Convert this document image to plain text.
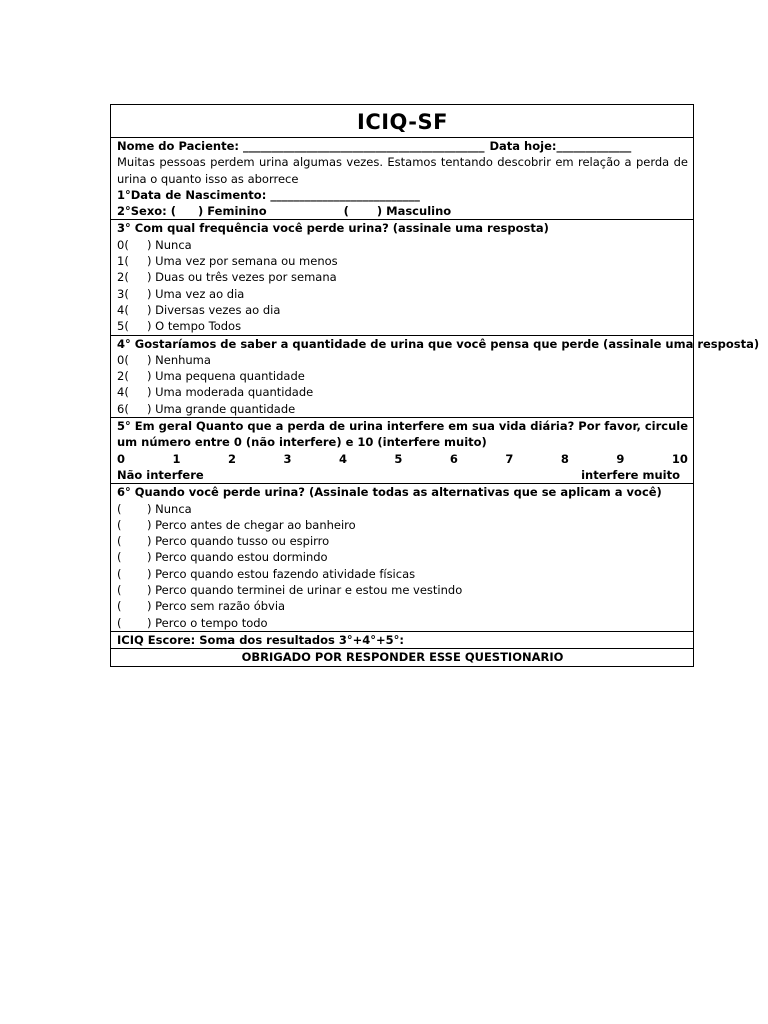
ICIQ-SF
Nome do Paciente: __________________________________________ Data hoje:_____________
Muitas pessoas perdem urina algumas vezes. Estamos tentando descobrir em relação a perda de urina o quanto isso as aborrece
1°Data de Nascimento: __________________________
2°Sexo: ( ) Feminino	( ) Masculino
3° Com qual frequência você perde urina? (assinale uma resposta)
0( ) Nunca
1( ) Uma vez por semana ou menos
2( ) Duas ou três vezes por semana
3( ) Uma vez ao dia
4( ) Diversas vezes ao dia
5( ) O tempo Todos
4° Gostaríamos de saber a quantidade de urina que você pensa que perde (assinale uma resposta)
0( ) Nenhuma
2( ) Uma pequena quantidade
4( ) Uma moderada quantidade
6( ) Uma grande quantidade
5° Em geral Quanto que a perda de urina interfere em sua vida diária? Por favor, circule um número entre 0 (não interfere) e 10 (interfere muito)
0	1	2	3	4	5	6	7	8	9	10
Não interfere	interfere muito
6° Quando você perde urina? (Assinale todas as alternativas que se aplicam a você)
( ) Nunca
( ) Perco antes de chegar ao banheiro
( ) Perco quando tusso ou espirro
( ) Perco quando estou dormindo
( ) Perco quando estou fazendo atividade físicas
( ) Perco quando terminei de urinar e estou me vestindo
( ) Perco sem razão óbvia
( ) Perco o tempo todo
ICIQ Escore: Soma dos resultados 3°+4°+5°:
OBRIGADO POR RESPONDER ESSE QUESTIONARIO
